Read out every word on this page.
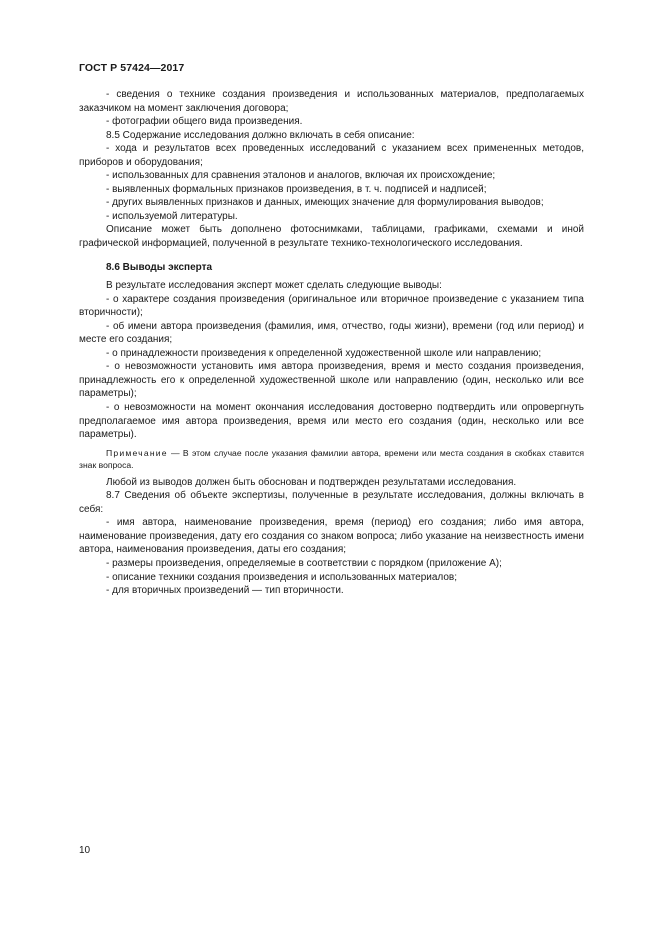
ГОСТ Р 57424—2017

- сведения о технике создания произведения и использованных материалов, предполагаемых заказчиком на момент заключения договора;

- фотографии общего вида произведения.

8.5 Содержание исследования должно включать в себя описание:

- хода и результатов всех проведенных исследований с указанием всех примененных методов, приборов и оборудования;

- использованных для сравнения эталонов и аналогов, включая их происхождение;

- выявленных формальных признаков произведения, в т. ч. подписей и надписей;

- других выявленных признаков и данных, имеющих значение для формулирования выводов;

- используемой литературы.

Описание может быть дополнено фотоснимками, таблицами, графиками, схемами и иной графической информацией, полученной в результате технико-технологического исследования.

8.6 Выводы эксперта

В результате исследования эксперт может сделать следующие выводы:

- о характере создания произведения (оригинальное или вторичное произведение с указанием типа вторичности);

- об имени автора произведения (фамилия, имя, отчество, годы жизни), времени (год или период) и месте его создания;

- о принадлежности произведения к определенной художественной школе или направлению;

- о невозможности установить имя автора произведения, время и место создания произведения, принадлежность его к определенной художественной школе или направлению (один, несколько или все параметры);

- о невозможности на момент окончания исследования достоверно подтвердить или опровергнуть предполагаемое имя автора произведения, время или место его создания (один, несколько или все параметры).

Примечание — В этом случае после указания фамилии автора, времени или места создания в скобках ставится знак вопроса.

Любой из выводов должен быть обоснован и подтвержден результатами исследования.

8.7 Сведения об объекте экспертизы, полученные в результате исследования, должны включать в себя:

- имя автора, наименование произведения, время (период) его создания; либо имя автора, наименование произведения, дату его создания со знаком вопроса; либо указание на неизвестность имени автора, наименования произведения, даты его создания;

- размеры произведения, определяемые в соответствии с порядком (приложение А);

- описание техники создания произведения и использованных материалов;

- для вторичных произведений — тип вторичности.

10
